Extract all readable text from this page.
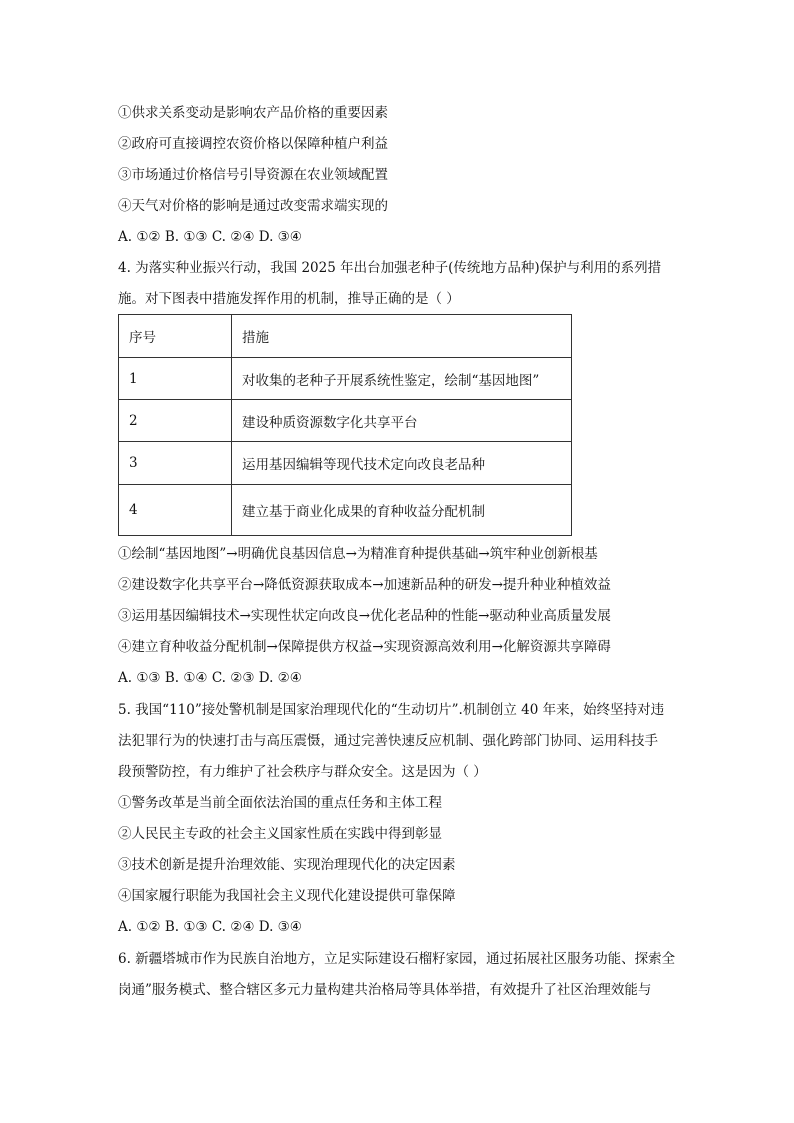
①供求关系变动是影响农产品价格的重要因素
②政府可直接调控农资价格以保障种植户利益
③市场通过价格信号引导资源在农业领域配置
④天气对价格的影响是通过改变需求端实现的
A. ①② B. ①③ C. ②④ D. ③④
4. 为落实种业振兴行动，我国 2025 年出台加强老种子(传统地方品种)保护与利用的系列措
施。对下图表中措施发挥作用的机制，推导正确的是（ ）
序号	措施
1	对收集的老种子开展系统性鉴定，绘制“基因地图”
2	建设种质资源数字化共享平台
3	运用基因编辑等现代技术定向改良老品种
4	建立基于商业化成果的育种收益分配机制
①绘制“基因地图”→明确优良基因信息→为精准育种提供基础→筑牢种业创新根基
②建设数字化共享平台→降低资源获取成本→加速新品种的研发→提升种业种植效益
③运用基因编辑技术→实现性状定向改良→优化老品种的性能→驱动种业高质量发展
④建立育种收益分配机制→保障提供方权益→实现资源高效利用→化解资源共享障碍
A. ①③ B. ①④ C. ②③ D. ②④
5. 我国“110”接处警机制是国家治理现代化的“生动切片”.机制创立 40 年来，始终坚持对违
法犯罪行为的快速打击与高压震慑，通过完善快速反应机制、强化跨部门协同、运用科技手
段预警防控，有力维护了社会秩序与群众安全。这是因为（ ）
①警务改革是当前全面依法治国的重点任务和主体工程
②人民民主专政的社会主义国家性质在实践中得到彰显
③技术创新是提升治理效能、实现治理现代化的决定因素
④国家履行职能为我国社会主义现代化建设提供可靠保障
A. ①② B. ①③ C. ②④ D. ③④
6. 新疆塔城市作为民族自治地方，立足实际建设石榴籽家园，通过拓展社区服务功能、探索全
岗通”服务模式、整合辖区多元力量构建共治格局等具体举措，有效提升了社区治理效能与
